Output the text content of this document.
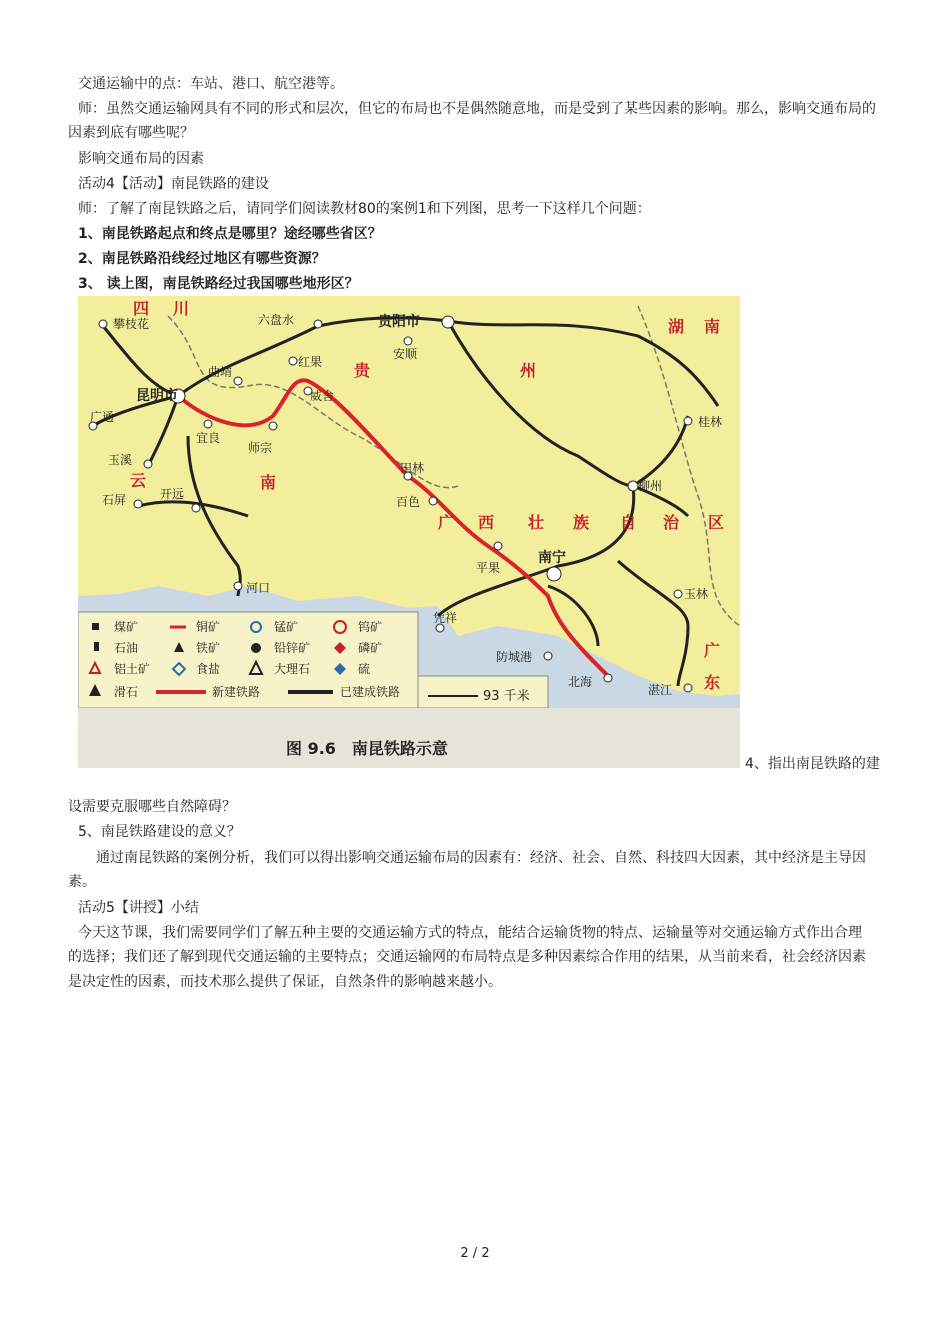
交通运输中的点：车站、港口、航空港等。
师：虽然交通运输网具有不同的形式和层次，但它的布局也不是偶然随意地，而是受到了某些因素的影响。那么，影响交通布局的
因素到底有哪些呢？
影响交通布局的因素
活动4【活动】南昆铁路的建设
师：了解了南昆铁路之后，请同学们阅读教材80的案例1和下列图，思考一下这样几个问题：
1、南昆铁路起点和终点是哪里？途经哪些省区？
2、南昆铁路沿线经过地区有哪些资源？
3、 读上图，南昆铁路经过我国哪些地形区？
93 千米
攀枝花	六盘水	贵阳市
安顺
曲靖
红果
威舍
昆明市
宜良
师宗
广通
玉溪
石屏	开远
河口
田林
百色
平果
南宁
柳州
桂林
凭祥
防城港
北海
玉林
湛江
四 川
贵	州
湖 南
云	南
广 西 壮 族 自 治 区
广
东
煤矿	铜矿	锰矿	钨矿
石油	铁矿	铅锌矿	磷矿
铝土矿	食盐	大理石	硫
滑石	新建铁路	已建成铁路
图 9.6　南昆铁路示意
4、指出南昆铁路的建
设需要克服哪些自然障碍？
5、南昆铁路建设的意义？
通过南昆铁路的案例分析，我们可以得出影响交通运输布局的因素有：经济、社会、自然、科技四大因素，其中经济是主导因
素。
活动5【讲授】小结
今天这节课，我们需要同学们了解五种主要的交通运输方式的特点，能结合运输货物的特点、运输量等对交通运输方式作出合理
的选择；我们还了解到现代交通运输的主要特点；交通运输网的布局特点是多种因素综合作用的结果，从当前来看，社会经济因素
是决定性的因素，而技术那么提供了保证，自然条件的影响越来越小。
2 / 2
